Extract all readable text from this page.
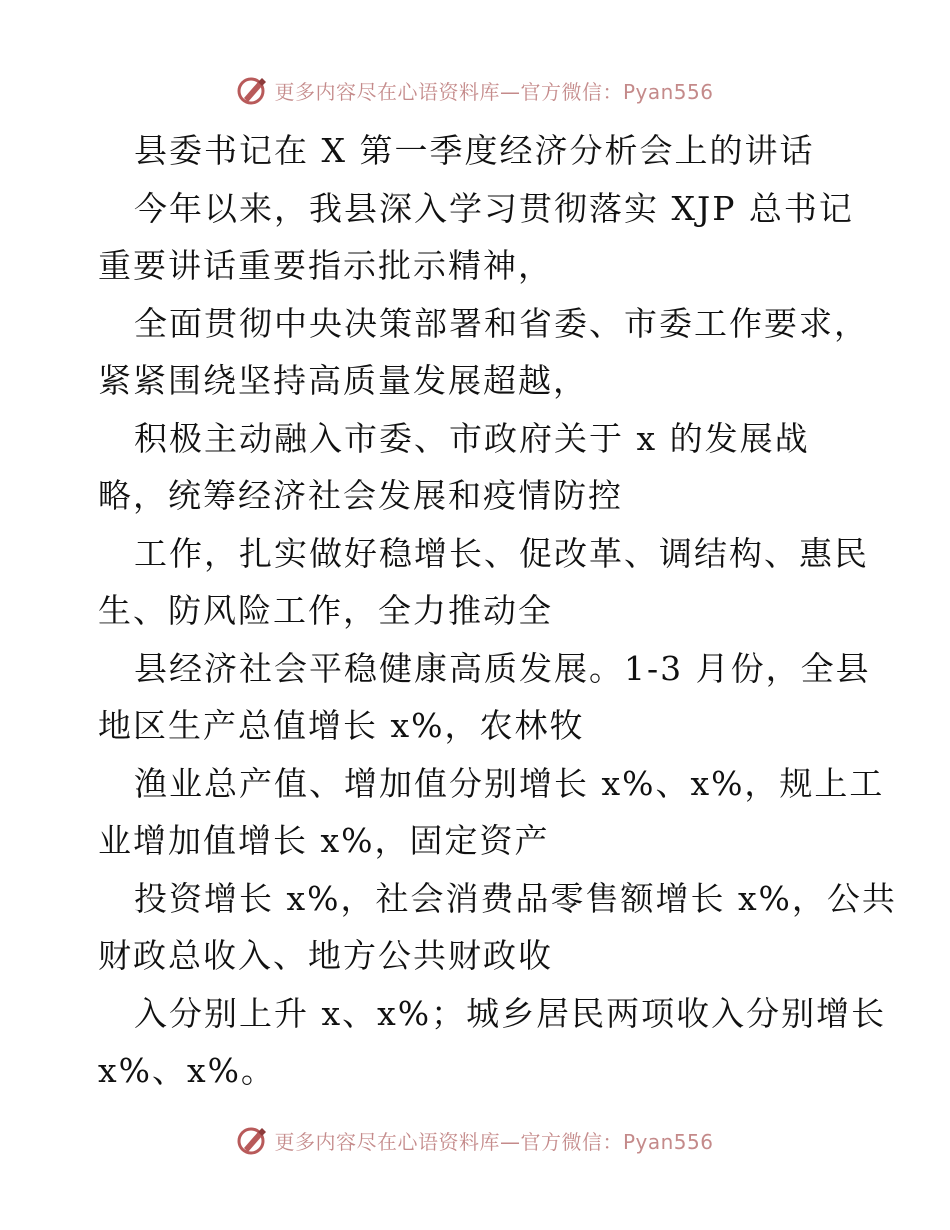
更多内容尽在心语资料库—官方微信：Pyan556
县委书记在 X 第一季度经济分析会上的讲话
今年以来，我县深入学习贯彻落实 XJP 总书记
重要讲话重要指示批示精神，
全面贯彻中央决策部署和省委、市委工作要求，
紧紧围绕坚持高质量发展超越，
积极主动融入市委、市政府关于 x 的发展战
略，统筹经济社会发展和疫情防控
工作，扎实做好稳增长、促改革、调结构、惠民
生、防风险工作，全力推动全
县经济社会平稳健康高质发展。1-3 月份，全县
地区生产总值增长 x%，农林牧
渔业总产值、增加值分别增长 x%、x%，规上工
业增加值增长 x%，固定资产
投资增长 x%，社会消费品零售额增长 x%，公共
财政总收入、地方公共财政收
入分别上升 x、x%；城乡居民两项收入分别增长
x%、x%。
更多内容尽在心语资料库—官方微信：Pyan556
